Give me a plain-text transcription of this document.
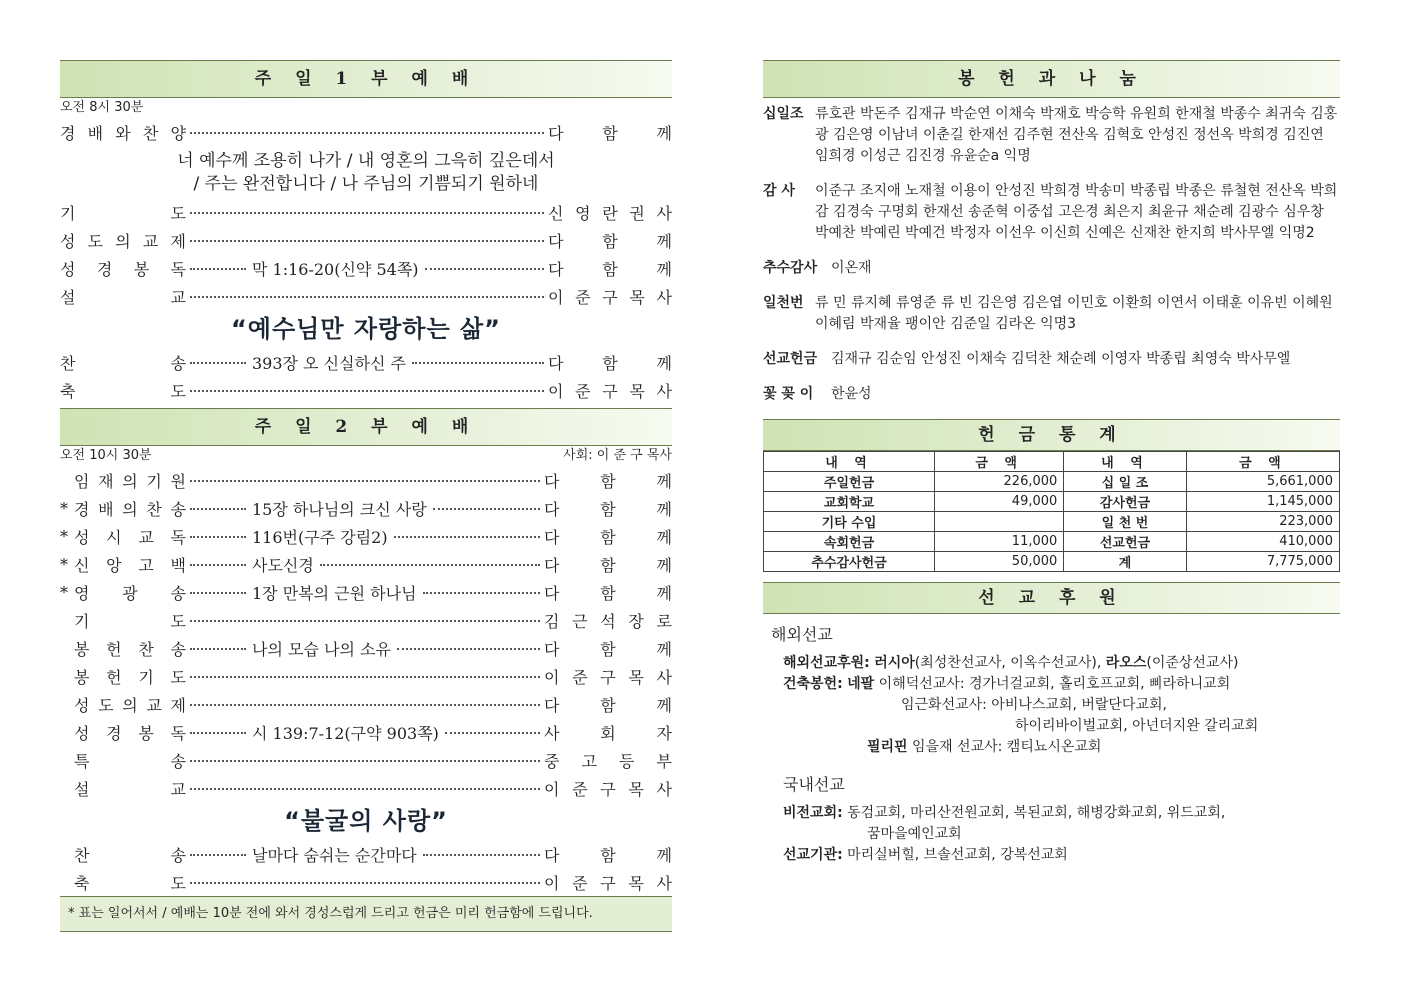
주 일 1 부 예 배
오전 8시 30분
경 배 와 찬 양	다 함 께
너 예수께 조용히 나가 / 내 영혼의 그윽히 깊은데서
/ 주는 완전합니다 / 나 주님의 기쁨되기 원하네
기	도	신 영 란 권 사
성 도 의 교 제	다 함 께
성 경 봉 독	막 1:16-20(신약 54쪽)	다 함 께
설	교	이 준 구 목 사
“예수님만 자랑하는 삶”
찬	송	393장 오 신실하신 주	다 함 께
축	도	이 준 구 목 사
주 일 2 부 예 배
오전 10시 30분	사회: 이 준 구 목사
임 재 의 기 원	다	함	께
* 경 배 의 찬 송	15장 하나님의 크신 사랑	다	함	께
* 성 시 교 독	116번(구주 강림2)	다	함	께
* 신 앙 고 백	사도신경	다	함	께
* 영 광 송	1장 만복의 근원 하나님	다	함	께
기	도	김 근 석 장 로
봉 헌 찬 송	나의 모습 나의 소유	다	함	께
봉 헌 기 도	이 준 구 목 사
성 도 의 교 제	다	함	께
성 경 봉 독	시 139:7-12(구약 903쪽)	사	회	자
특	송	중 고 등 부
설	교	이 준 구 목 사
“불굴의 사랑”
찬	송	날마다 숨쉬는 순간마다	다	함	께
축	도	이 준 구 목 사
* 표는 일어서서 / 예배는 10분 전에 와서 경성스럽게 드리고 헌금은 미리 헌금함에 드립니다.
봉 헌 과 나 눔
십일조 류호관 박돈주 김재규 박순연 이채숙 박재호 박승학 유원희 한재철 박종수 최귀숙 김홍광 김은영 이남녀 이춘길 한재선 김주현 전산옥 김혁호 안성진 정선옥 박희경 김진연 임희경 이성근 김진경 유윤순a 익명
감 사	이준구 조지애 노재철 이용이 안성진 박희경 박송미 박종립 박종은 류철현 전산옥 박희감 김경숙 구명회 한재선 송준혁 이중섭 고은경 최은지 최윤규 채순례 김광수 심우창 박예찬 박예린 박예건 박정자 이선우 이신희 신예은 신재찬 한지희 박사무엘 익명2
추수감사 이온재
일천번 류 민 류지혜 류영준 류 빈 김은영 김은엽 이민호 이환희 이연서 이태훈 이유빈 이혜원 이혜림 박재율 팽이안 김준일 김라온 익명3
선교헌금 김재규 김순임 안성진 이채숙 김덕찬 채순례 이영자 박종립 최영숙 박사무엘
꽃 꽂 이	한윤성
헌 금 통 계
내 역	금 액	내 역	금 액
주일헌금	226,000	십 일 조	5,661,000
교회학교	49,000	감사헌금	1,145,000
기타 수입		일 천 번	223,000
속회헌금	11,000	선교헌금	410,000
추수감사헌금	50,000	계	7,775,000
선 교 후 원
해외선교
해외선교후원: 러시아(최성찬선교사, 이옥수선교사), 라오스(이준상선교사)
건축봉헌: 네팔 이해덕선교사: 경가너걸교회, 홀리호프교회, 삐라하니교회
임근화선교사: 아비나스교회, 버랄단다교회,
하이리바이벌교회, 아넌더지완 갈리교회
필리핀 임을재 선교사: 캠티뇨시온교회
국내선교
비전교회: 동검교회, 마리산전원교회, 복된교회, 해병강화교회, 위드교회,
꿈마을예인교회
선교기관: 마리실버힐, 브솔선교회, 강복선교회
